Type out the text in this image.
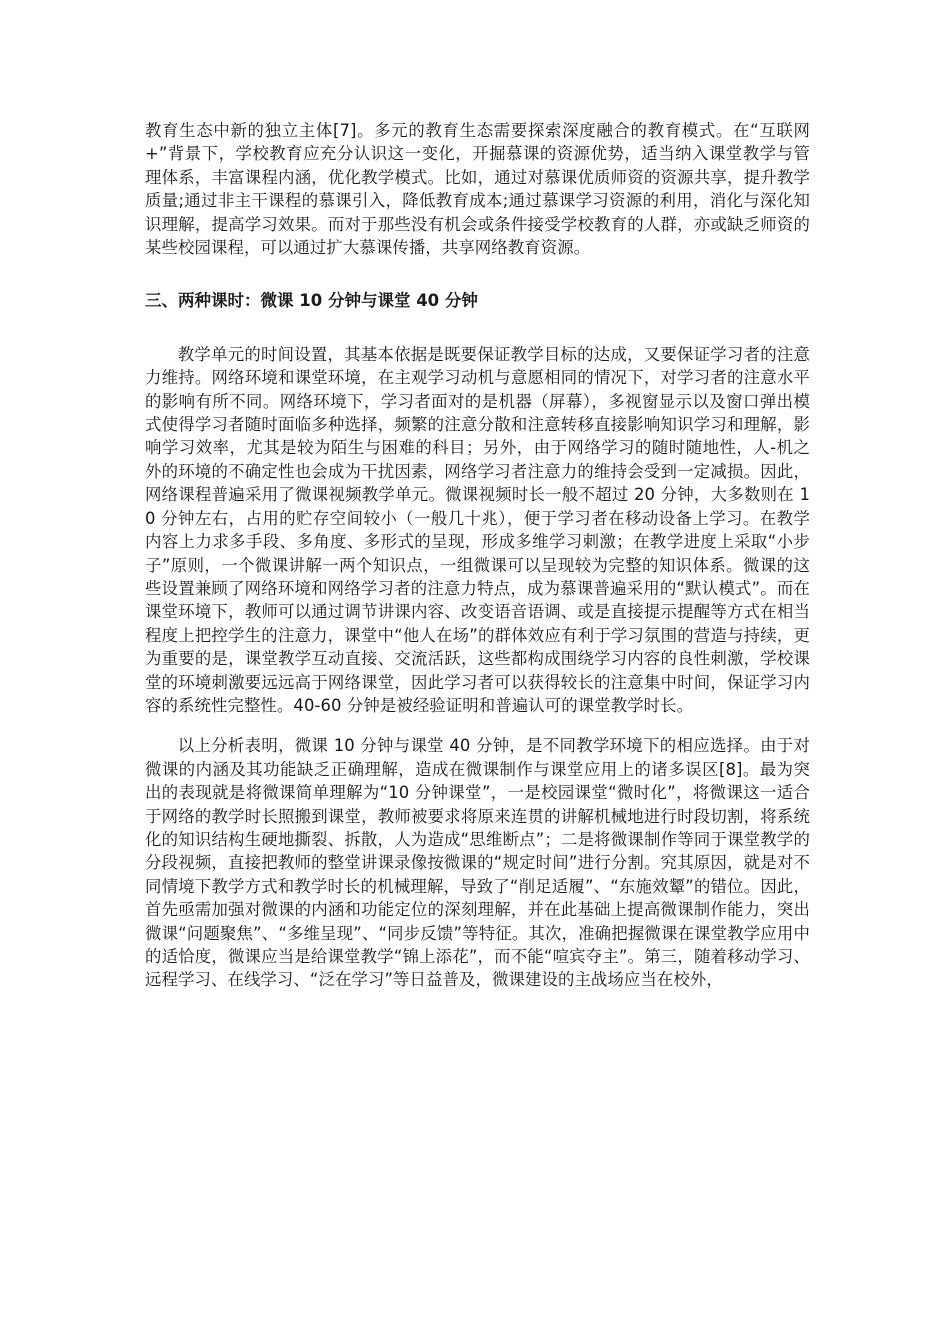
教育生态中新的独立主体[7]。多元的教育生态需要探索深度融合的教育模式。在“互联网+”背景下，学校教育应充分认识这一变化，开掘慕课的资源优势，适当纳入课堂教学与管理体系，丰富课程内涵，优化教学模式。比如，通过对慕课优质师资的资源共享，提升教学质量;通过非主干课程的慕课引入，降低教育成本;通过慕课学习资源的利用，消化与深化知识理解，提高学习效果。而对于那些没有机会或条件接受学校教育的人群，亦或缺乏师资的某些校园课程，可以通过扩大慕课传播，共享网络教育资源。

三、两种课时：微课 10 分钟与课堂 40 分钟

教学单元的时间设置，其基本依据是既要保证教学目标的达成，又要保证学习者的注意力维持。网络环境和课堂环境，在主观学习动机与意愿相同的情况下，对学习者的注意水平的影响有所不同。网络环境下，学习者面对的是机器（屏幕），多视窗显示以及窗口弹出模式使得学习者随时面临多种选择，频繁的注意分散和注意转移直接影响知识学习和理解，影响学习效率，尤其是较为陌生与困难的科目；另外，由于网络学习的随时随地性，人-机之外的环境的不确定性也会成为干扰因素，网络学习者注意力的维持会受到一定减损。因此，网络课程普遍采用了微课视频教学单元。微课视频时长一般不超过 20 分钟，大多数则在 10 分钟左右，占用的贮存空间较小（一般几十兆），便于学习者在移动设备上学习。在教学内容上力求多手段、多角度、多形式的呈现，形成多维学习刺激；在教学进度上采取“小步子”原则，一个微课讲解一两个知识点，一组微课可以呈现较为完整的知识体系。微课的这些设置兼顾了网络环境和网络学习者的注意力特点，成为慕课普遍采用的“默认模式”。而在课堂环境下，教师可以通过调节讲课内容、改变语音语调、或是直接提示提醒等方式在相当程度上把控学生的注意力，课堂中“他人在场”的群体效应有利于学习氛围的营造与持续，更为重要的是，课堂教学互动直接、交流活跃，这些都构成围绕学习内容的良性刺激，学校课堂的环境刺激要远远高于网络课堂，因此学习者可以获得较长的注意集中时间，保证学习内容的系统性完整性。40-60 分钟是被经验证明和普遍认可的课堂教学时长。

以上分析表明，微课 10 分钟与课堂 40 分钟，是不同教学环境下的相应选择。由于对微课的内涵及其功能缺乏正确理解，造成在微课制作与课堂应用上的诸多误区[8]。最为突出的表现就是将微课简单理解为“10 分钟课堂”，一是校园课堂“微时化”，将微课这一适合于网络的教学时长照搬到课堂，教师被要求将原来连贯的讲解机械地进行时段切割，将系统化的知识结构生硬地撕裂、拆散，人为造成“思维断点”；二是将微课制作等同于课堂教学的分段视频，直接把教师的整堂讲课录像按微课的“规定时间”进行分割。究其原因，就是对不同情境下教学方式和教学时长的机械理解，导致了“削足适履”、“东施效颦”的错位。因此，首先亟需加强对微课的内涵和功能定位的深刻理解，并在此基础上提高微课制作能力，突出微课“问题聚焦”、“多维呈现”、“同步反馈”等特征。其次，准确把握微课在课堂教学应用中的适恰度，微课应当是给课堂教学“锦上添花”，而不能“喧宾夺主”。第三，随着移动学习、远程学习、在线学习、“泛在学习”等日益普及，微课建设的主战场应当在校外，
